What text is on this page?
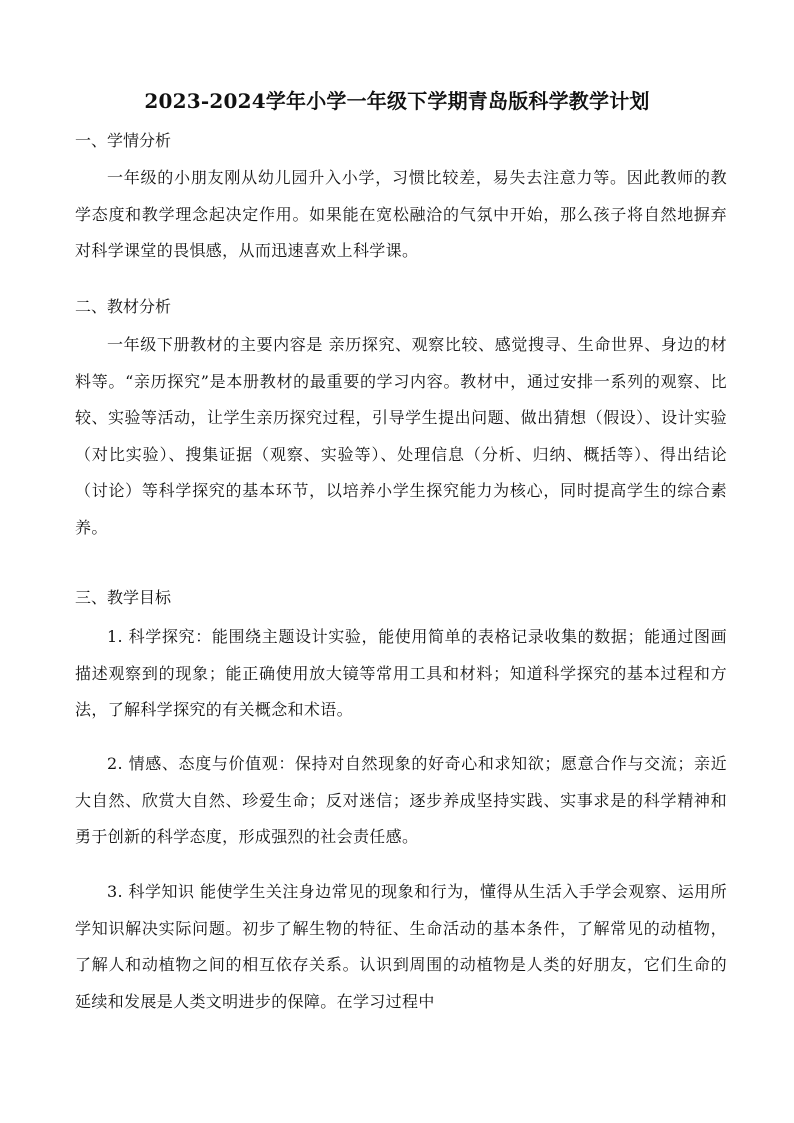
2023-2024学年小学一年级下学期青岛版科学教学计划
一、学情分析
一年级的小朋友刚从幼儿园升入小学，习惯比较差，易失去注意力等。因此教师的教学态度和教学理念起决定作用。如果能在宽松融洽的气氛中开始，那么孩子将自然地摒弃对科学课堂的畏惧感，从而迅速喜欢上科学课。
二、教材分析
一年级下册教材的主要内容是 亲历探究、观察比较、感觉搜寻、生命世界、身边的材料等。“亲历探究”是本册教材的最重要的学习内容。教材中，通过安排一系列的观察、比较、实验等活动，让学生亲历探究过程，引导学生提出问题、做出猜想（假设）、设计实验（对比实验）、搜集证据（观察、实验等）、处理信息（分析、归纳、概括等）、得出结论（讨论）等科学探究的基本环节，以培养小学生探究能力为核心，同时提高学生的综合素养。
三、教学目标
1. 科学探究：能围绕主题设计实验，能使用简单的表格记录收集的数据；能通过图画描述观察到的现象；能正确使用放大镜等常用工具和材料；知道科学探究的基本过程和方法，了解科学探究的有关概念和术语。
2. 情感、态度与价值观：保持对自然现象的好奇心和求知欲；愿意合作与交流；亲近大自然、欣赏大自然、珍爱生命；反对迷信；逐步养成坚持实践、实事求是的科学精神和勇于创新的科学态度，形成强烈的社会责任感。
3. 科学知识 能使学生关注身边常见的现象和行为，懂得从生活入手学会观察、运用所学知识解决实际问题。初步了解生物的特征、生命活动的基本条件，了解常见的动植物，了解人和动植物之间的相互依存关系。认识到周围的动植物是人类的好朋友，它们生命的延续和发展是人类文明进步的保障。在学习过程中
